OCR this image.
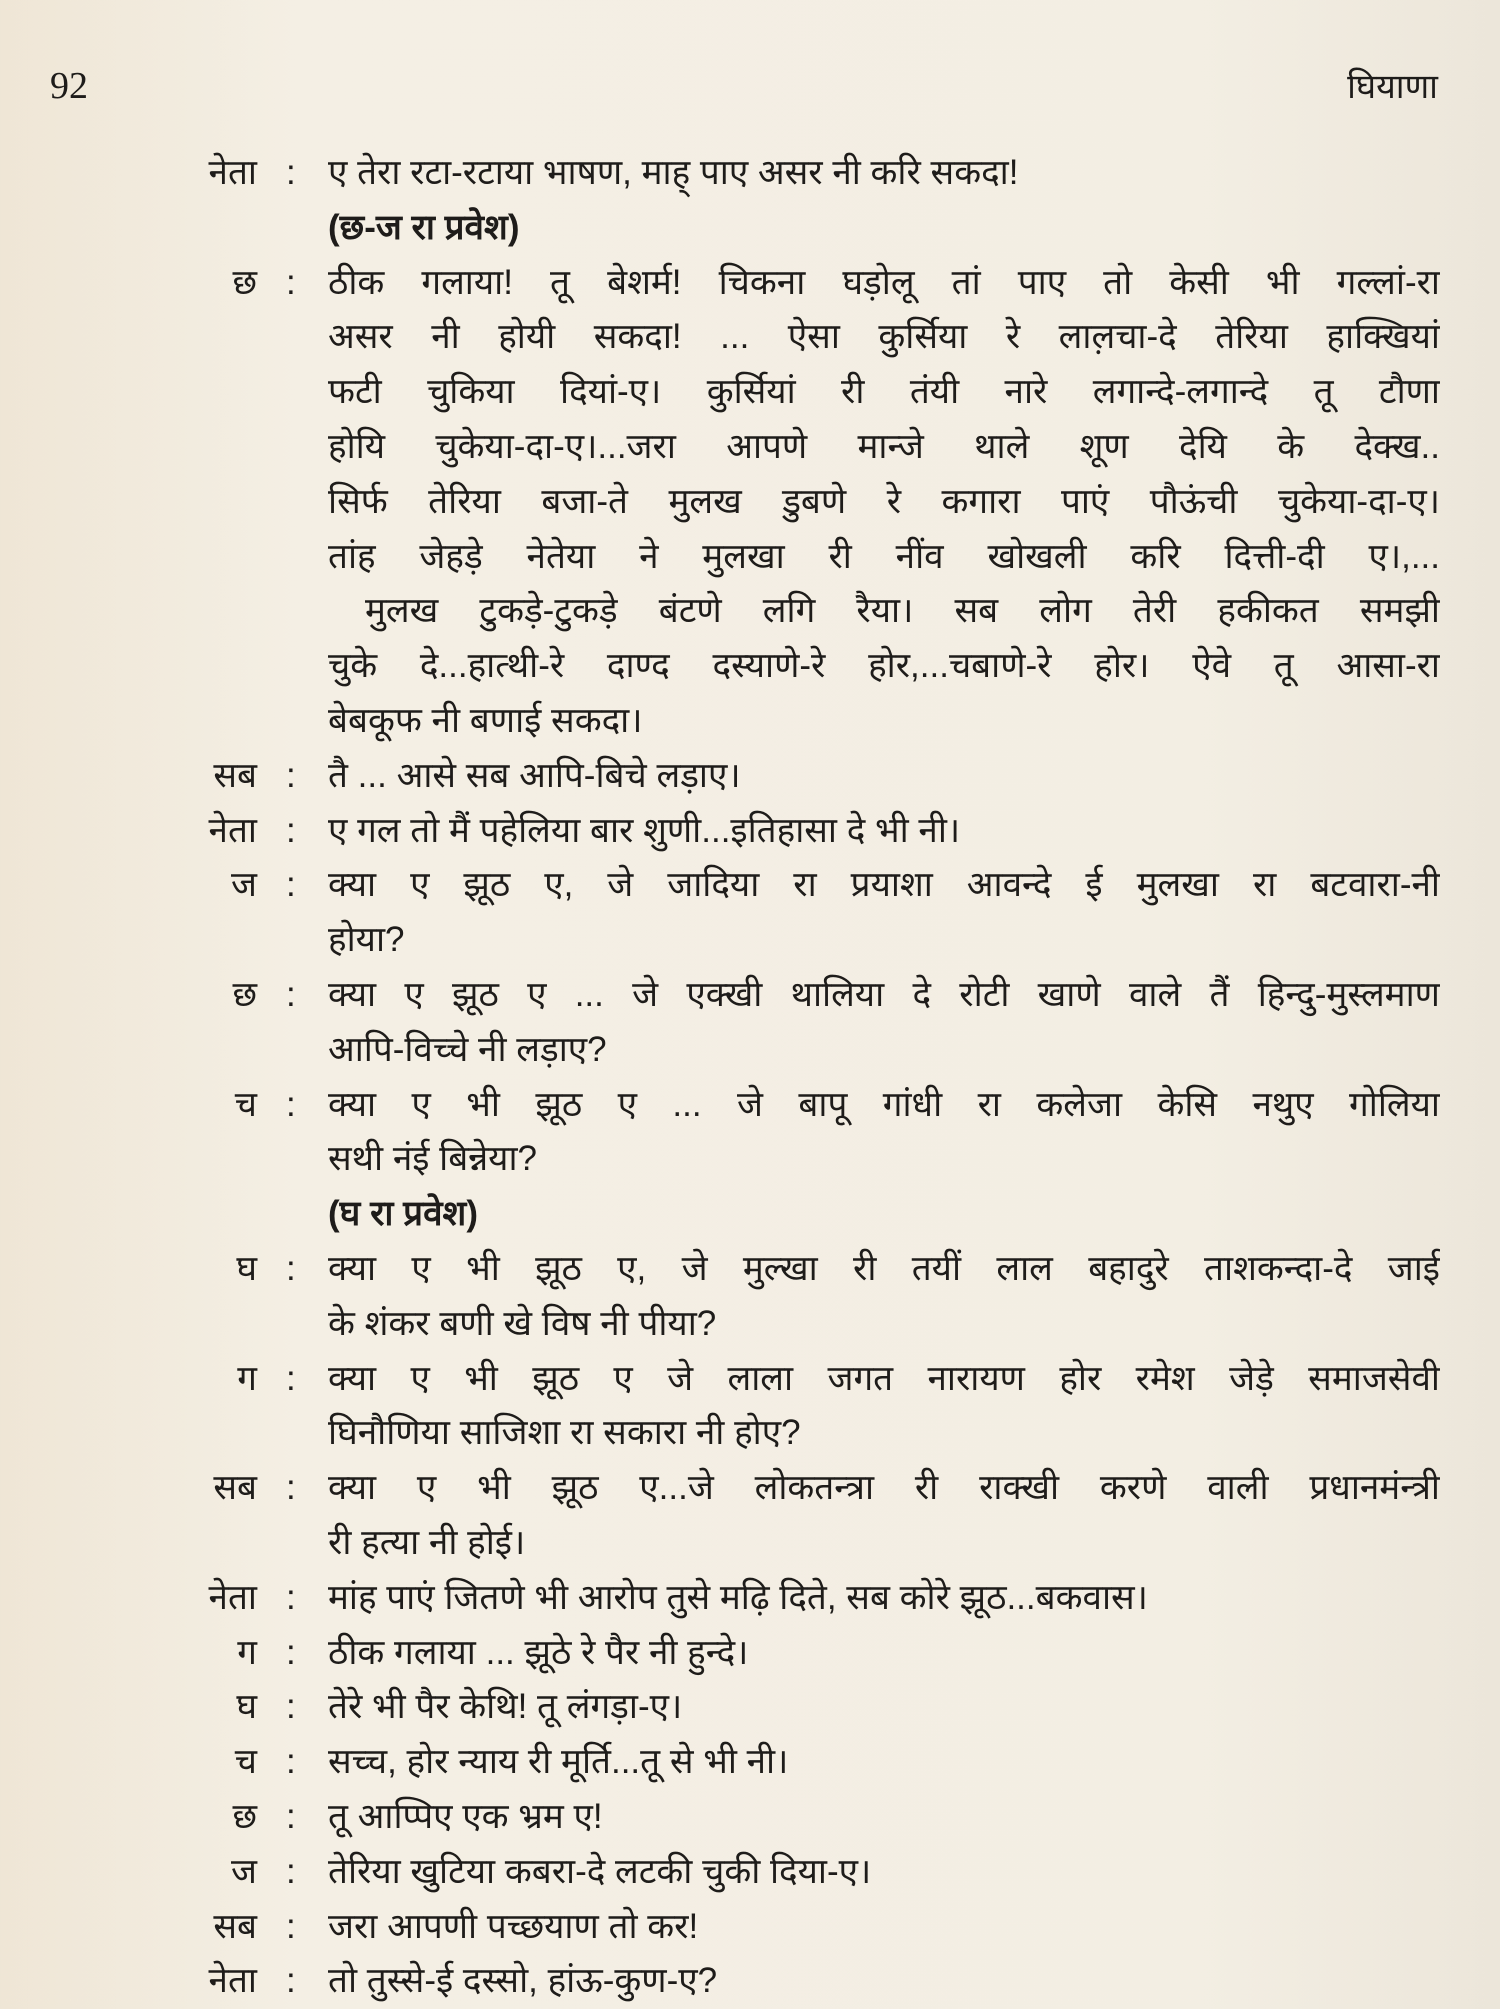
92	घियाणा
नेता : ए तेरा रटा-रटाया भाषण, माह् पाए असर नी करि सकदा!
(छ-ज रा प्रवेश)
छ : ठीक गलाया! तू बेशर्म! चिकना घड़ोलू तां पाए तो केसी भी गल्लां-रा
असर नी होयी सकदा! ... ऐसा कुर्सिया रे लाल़चा-दे तेरिया हाक्खियां
फटी चुकिया दियां-ए। कुर्सियां री तंयी नारे लगान्दे-लगान्दे तू टौणा
होयि चुकेया-दा-ए।...जरा आपणे मान्जे थाले शूण देयि के देक्ख..
सिर्फ तेरिया बजा-ते मुलख डुबणे रे कगारा पाएं पौऊंची चुकेया-दा-ए।
तांह जेहड़े नेतेया ने मुलखा री नींव खोखली करि दित्ती-दी ए।,...
मुलख टुकड़े-टुकड़े बंटणे लगि रैया। सब लोग तेरी हकीकत समझी
चुके दे...हात्थी-रे दाण्द दस्याणे-रे होर,...चबाणे-रे होर। ऐवे तू आसा-रा
बेबकूफ नी बणाई सकदा।
सब : तै ... आसे सब आपि-बिचे लड़ाए।
नेता : ए गल तो मैं पहेलिया बार शुणी...इतिहासा दे भी नी।
ज : क्या ए झूठ ए, जे जादिया रा प्रयाशा आवन्दे ई मुलखा रा बटवारा-नी
होया?
छ : क्या ए झूठ ए ... जे एक्खी थालिया दे रोटी खाणे वाले तैं हिन्दु-मुस्लमाण
आपि-विच्चे नी लड़ाए?
च : क्या ए भी झूठ ए ... जे बापू गांधी रा कलेजा केसि नथुए गोलिया
सथी नंई बिन्नेया?
(घ रा प्रवेश)
घ : क्या ए भी झूठ ए, जे मुल्खा री तयीं लाल बहादुरे ताशकन्दा-दे जाई
के शंकर बणी खे विष नी पीया?
ग : क्या ए भी झूठ ए जे लाला जगत नारायण होर रमेश जेड़े समाजसेवी
घिनौणिया साजिशा रा सकारा नी होए?
सब : क्या ए भी झूठ ए...जे लोकतन्त्रा री राक्खी करणे वाली प्रधानमंन्त्री
री हत्या नी होई।
नेता : मांह पाएं जितणे भी आरोप तुसे मढ़ि दिते, सब कोरे झूठ...बकवास।
ग : ठीक गलाया ... झूठे रे पैर नी हुन्दे।
घ : तेरे भी पैर केथि! तू लंगड़ा-ए।
च : सच्च, होर न्याय री मूर्ति...तू से भी नी।
छ : तू आप्पिए एक भ्रम ए!
ज : तेरिया खुटिया कबरा-दे लटकी चुकी दिया-ए।
सब : जरा आपणी पच्छयाण तो कर!
नेता : तो तुस्से-ई दस्सो, हांऊ-कुण-ए?
